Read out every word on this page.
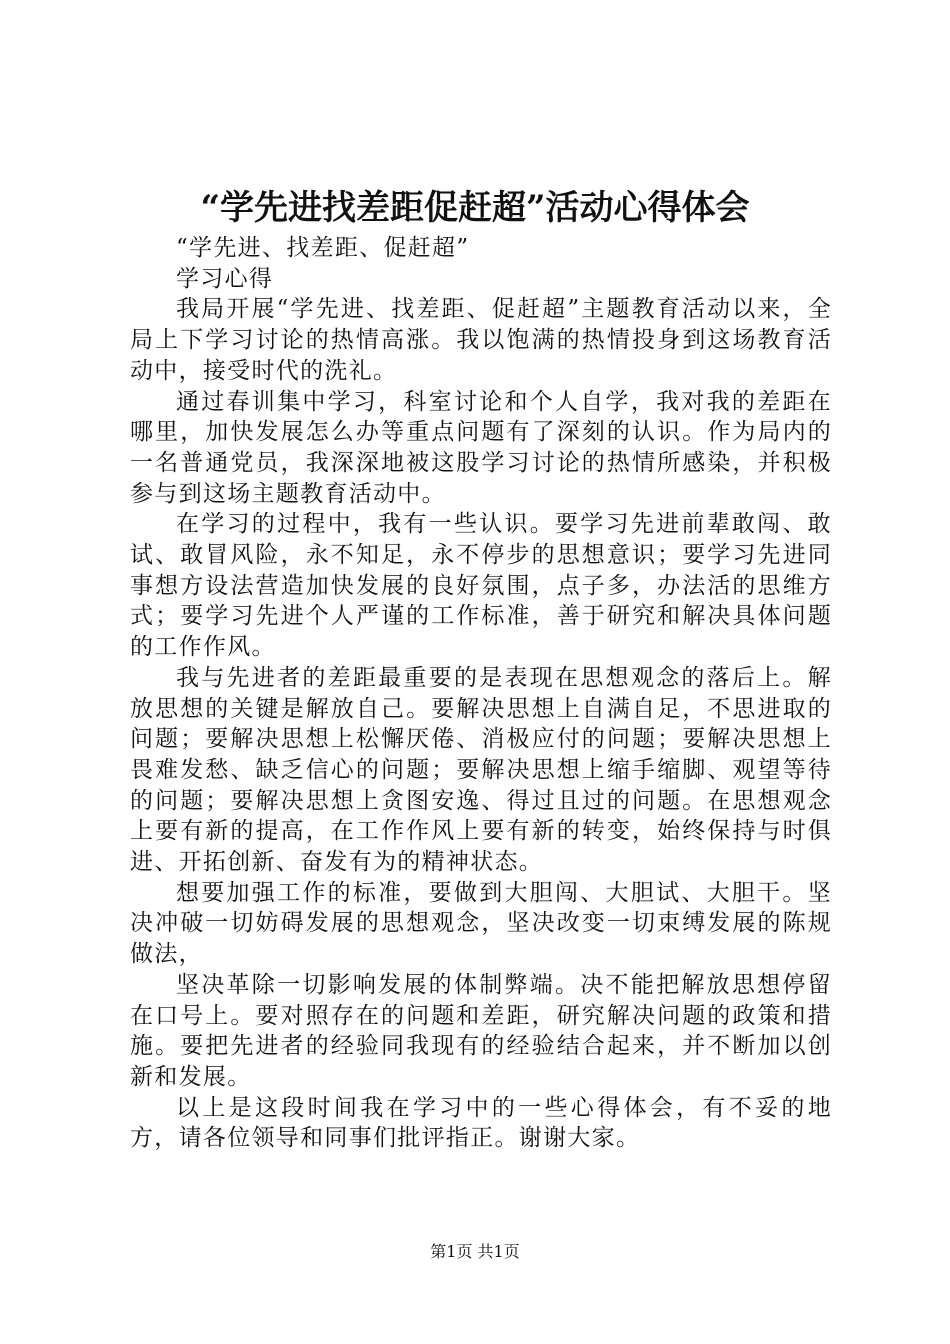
“学先进找差距促赶超”活动心得体会

“学先进、找差距、促赶超”

学习心得

我局开展“学先进、找差距、促赶超”主题教育活动以来，全局上下学习讨论的热情高涨。我以饱满的热情投身到这场教育活动中，接受时代的洗礼。

通过春训集中学习，科室讨论和个人自学，我对我的差距在哪里，加快发展怎么办等重点问题有了深刻的认识。作为局内的一名普通党员，我深深地被这股学习讨论的热情所感染，并积极参与到这场主题教育活动中。

在学习的过程中，我有一些认识。要学习先进前辈敢闯、敢试、敢冒风险，永不知足，永不停步的思想意识；要学习先进同事想方设法营造加快发展的良好氛围，点子多，办法活的思维方式；要学习先进个人严谨的工作标准，善于研究和解决具体问题的工作作风。

我与先进者的差距最重要的是表现在思想观念的落后上。解放思想的关键是解放自己。要解决思想上自满自足，不思进取的问题；要解决思想上松懈厌倦、消极应付的问题；要解决思想上畏难发愁、缺乏信心的问题；要解决思想上缩手缩脚、观望等待的问题；要解决思想上贪图安逸、得过且过的问题。在思想观念上要有新的提高，在工作作风上要有新的转变，始终保持与时俱进、开拓创新、奋发有为的精神状态。

想要加强工作的标准，要做到大胆闯、大胆试、大胆干。坚决冲破一切妨碍发展的思想观念，坚决改变一切束缚发展的陈规做法，

坚决革除一切影响发展的体制弊端。决不能把解放思想停留在口号上。要对照存在的问题和差距，研究解决问题的政策和措施。要把先进者的经验同我现有的经验结合起来，并不断加以创新和发展。

以上是这段时间我在学习中的一些心得体会，有不妥的地方，请各位领导和同事们批评指正。谢谢大家。

第1页 共1页
